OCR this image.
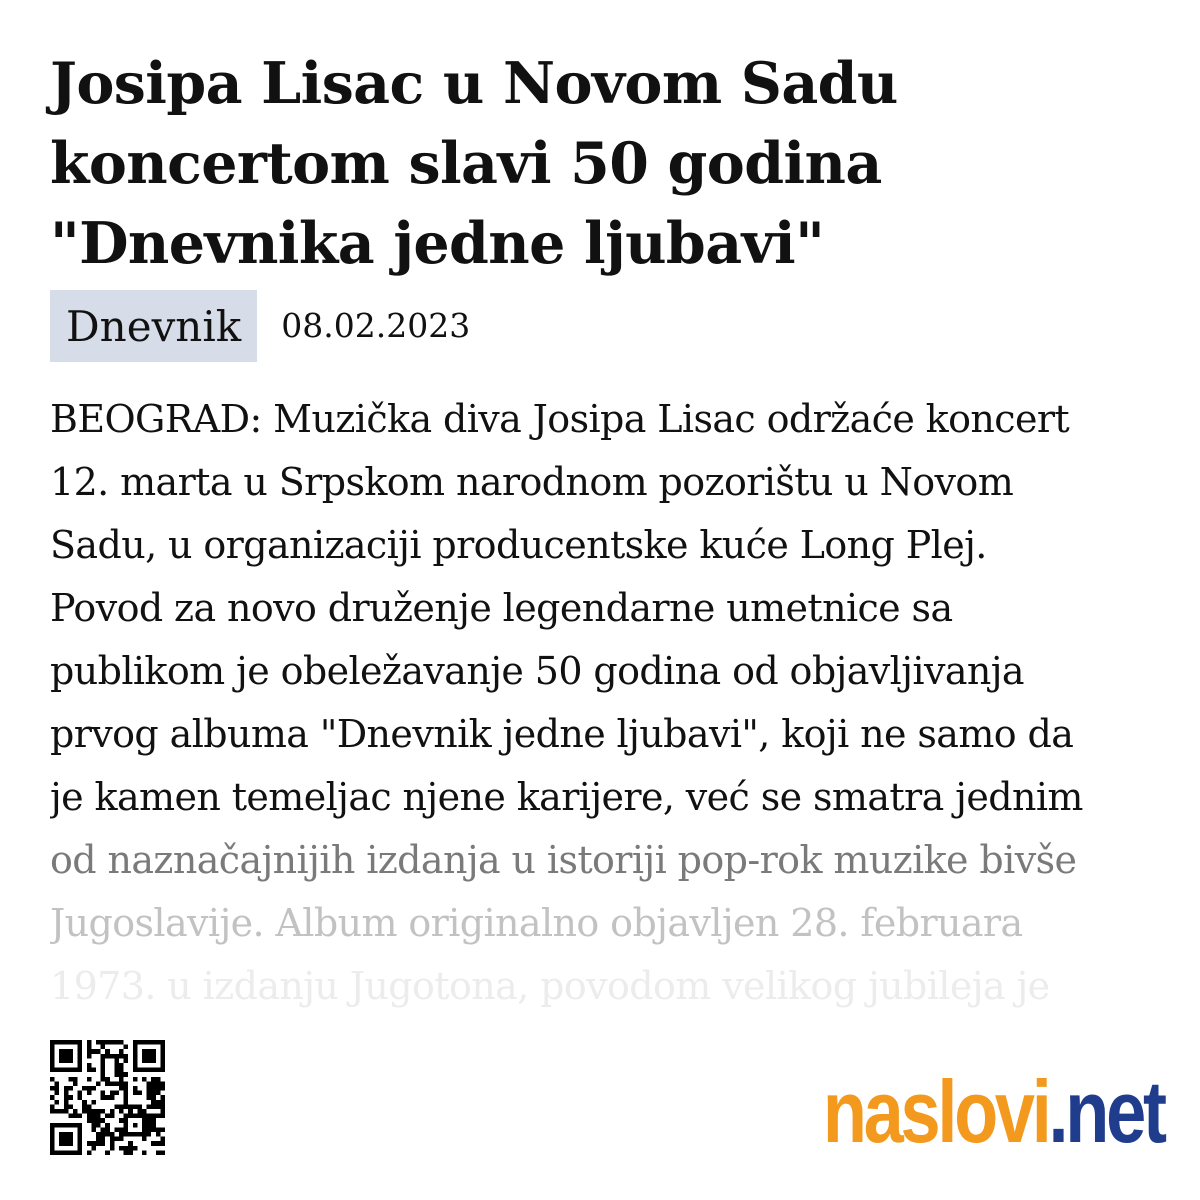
Josipa Lisac u Novom Sadu
koncertom slavi 50 godina
"Dnevnika jedne ljubavi"
Dnevnik	08.02.2023
BEOGRAD: Muzička diva Josipa Lisac održaće koncert
12. marta u Srpskom narodnom pozorištu u Novom
Sadu, u organizaciji producentske kuće Long Plej.
Povod za novo druženje legendarne umetnice sa
publikom je obeležavanje 50 godina od objavljivanja
prvog albuma "Dnevnik jedne ljubavi", koji ne samo da
je kamen temeljac njene karijere, već se smatra jednim
od naznačajnijih izdanja u istoriji pop-rok muzike bivše
Jugoslavije. Album originalno objavljen 28. februara
1973. u izdanju Jugotona, povodom velikog jubileja je
naslovi.net
